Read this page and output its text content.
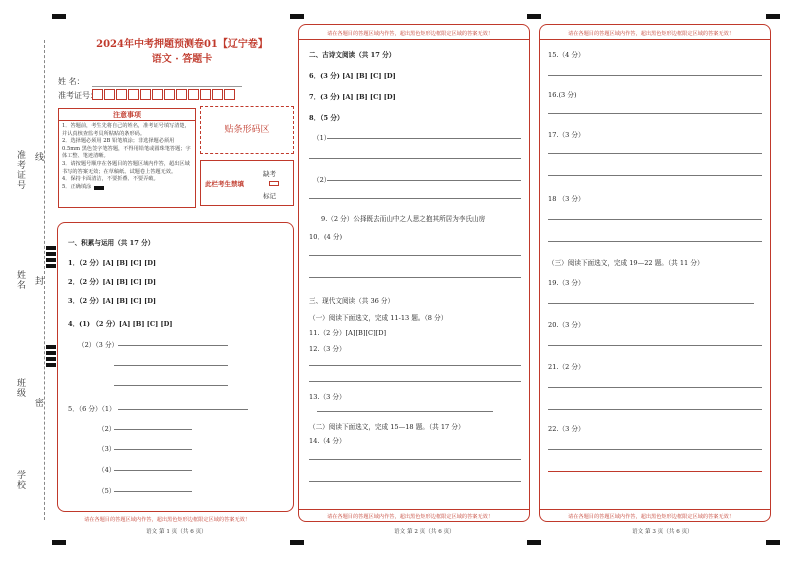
准考证号 线
姓名 封
班级
密
学校
2024年中考押题预测卷01【辽宁卷】
语文 · 答题卡
姓 名：
准考证号：
注意事项
1．答题前，考生先将自己的姓名，准考证号填写清楚，并认真核查监考员所粘贴的条形码。
2．选择题必须用 2B 铅笔填涂；非选择题必须用 0.5mm 黑色签字笔答题，不得用铅笔或圆珠笔答题；字体工整、笔迹清晰。
3．请按题号顺序在各题目的答题区域内作答，超出区域书写的答案无效；在草稿纸、试题卷上答题无效。
4．保持卡面清洁，不要折叠、不要弄破。
5．正确填涂
贴条形码区
此栏考生禁填
缺考
标记
一、积累与运用（共 17 分）
1．（2 分）[A] [B] [C] [D]
2．（2 分）[A] [B] [C] [D]
3．（2 分）[A] [B] [C] [D]
4．(1) （2 分）[A] [B] [C] [D]
（2）（3 分）
5．（6 分）（1）
（2）
（3）
（4）
（5）
请在各题目的答题区域内作答，超出黑色矩形边框限定区域的答案无效！
语文 第 1 页（共 6 页）
请在各题目的答题区域内作答，超出黑色矩形边框限定区域的答案无效！
二、古诗文阅读（共 17 分）
6．(3 分) [A] [B] [C] [D]
7．(3 分) [A] [B] [C] [D]
8．（5 分）
（1）
（2）
9.（2 分）公择既去而山中之人思之抱其所居为李氏山房
10．(4 分)
三、现代文阅读（共 36 分）
（一）阅读下面选文，完成 11-13 题。（8 分）
11.（2 分）[A][B][C][D]
12.（3 分）
13.（3 分）
（二）阅读下面选文，完成 15—18 题。（共 17 分）
14.（4 分）
请在各题目的答题区域内作答，超出黑色矩形边框限定区域的答案无效！
语文 第 2 页（共 6 页）
请在各题目的答题区域内作答，超出黑色矩形边框限定区域的答案无效！
15.（4 分）
16.(3 分)
17.（3 分）
18 （3 分）
（三）阅读下面选文，完成 19—22 题。（共 11 分）
19.（3 分）
20.（3 分）
21.（2 分）
22.（3 分）
请在各题目的答题区域内作答，超出黑色矩形边框限定区域的答案无效！
语文 第 3 页（共 6 页）
